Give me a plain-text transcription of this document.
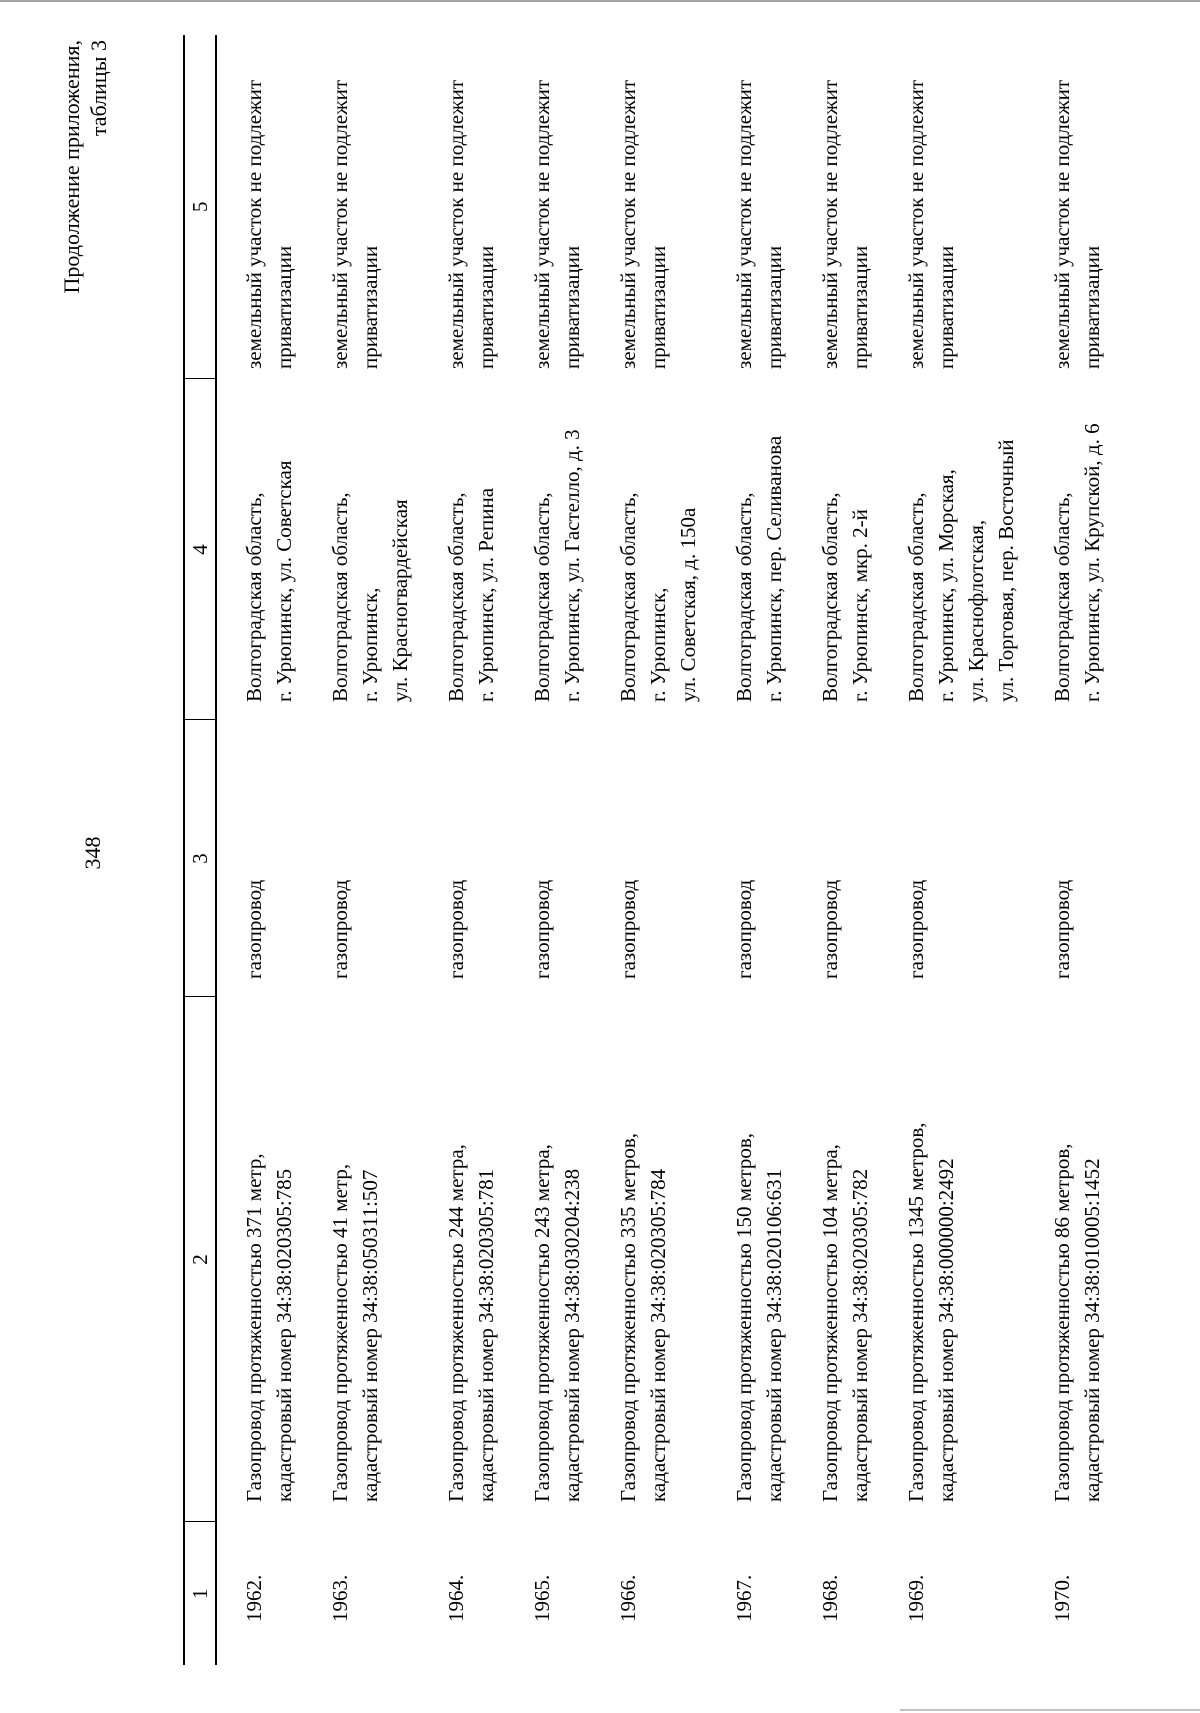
348
Продолжение приложения, таблицы 3
1	2	3	4	5

1962.	Газопровод протяженностью 371 метр, кадастровый номер 34:38:020305:785	газопровод	Волгоградская область, г. Урюпинск, ул. Советская	земельный участок не подлежит приватизации

1963.	Газопровод протяженностью 41 метр, кадастровый номер 34:38:050311:507	газопровод	Волгоградская область, г. Урюпинск, ул. Красногвардейская	земельный участок не подлежит приватизации

1964.	Газопровод протяженностью 244 метра, кадастровый номер 34:38:020305:781	газопровод	Волгоградская область, г. Урюпинск, ул. Репина	земельный участок не подлежит приватизации

1965.	Газопровод протяженностью 243 метра, кадастровый номер 34:38:030204:238	газопровод	Волгоградская область, г. Урюпинск, ул. Гастелло, д. 3	земельный участок не подлежит приватизации

1966.	Газопровод протяженностью 335 метров, кадастровый номер 34:38:020305:784	газопровод	Волгоградская область, г. Урюпинск, ул. Советская, д. 150а	земельный участок не подлежит приватизации

1967.	Газопровод протяженностью 150 метров, кадастровый номер 34:38:020106:631	газопровод	Волгоградская область, г. Урюпинск, пер. Селиванова	земельный участок не подлежит приватизации

1968.	Газопровод протяженностью 104 метра, кадастровый номер 34:38:020305:782	газопровод	Волгоградская область, г. Урюпинск, мкр. 2-й	земельный участок не подлежит приватизации

1969.	Газопровод протяженностью 1345 метров, кадастровый номер 34:38:000000:2492	газопровод	Волгоградская область, г. Урюпинск, ул. Морская, ул. Краснофлотская, ул. Торговая, пер. Восточный	земельный участок не подлежит приватизации

1970.	Газопровод протяженностью 86 метров, кадастровый номер 34:38:010005:1452	газопровод	Волгоградская область, г. Урюпинск, ул. Крупской, д. 6	земельный участок не подлежит приватизации
